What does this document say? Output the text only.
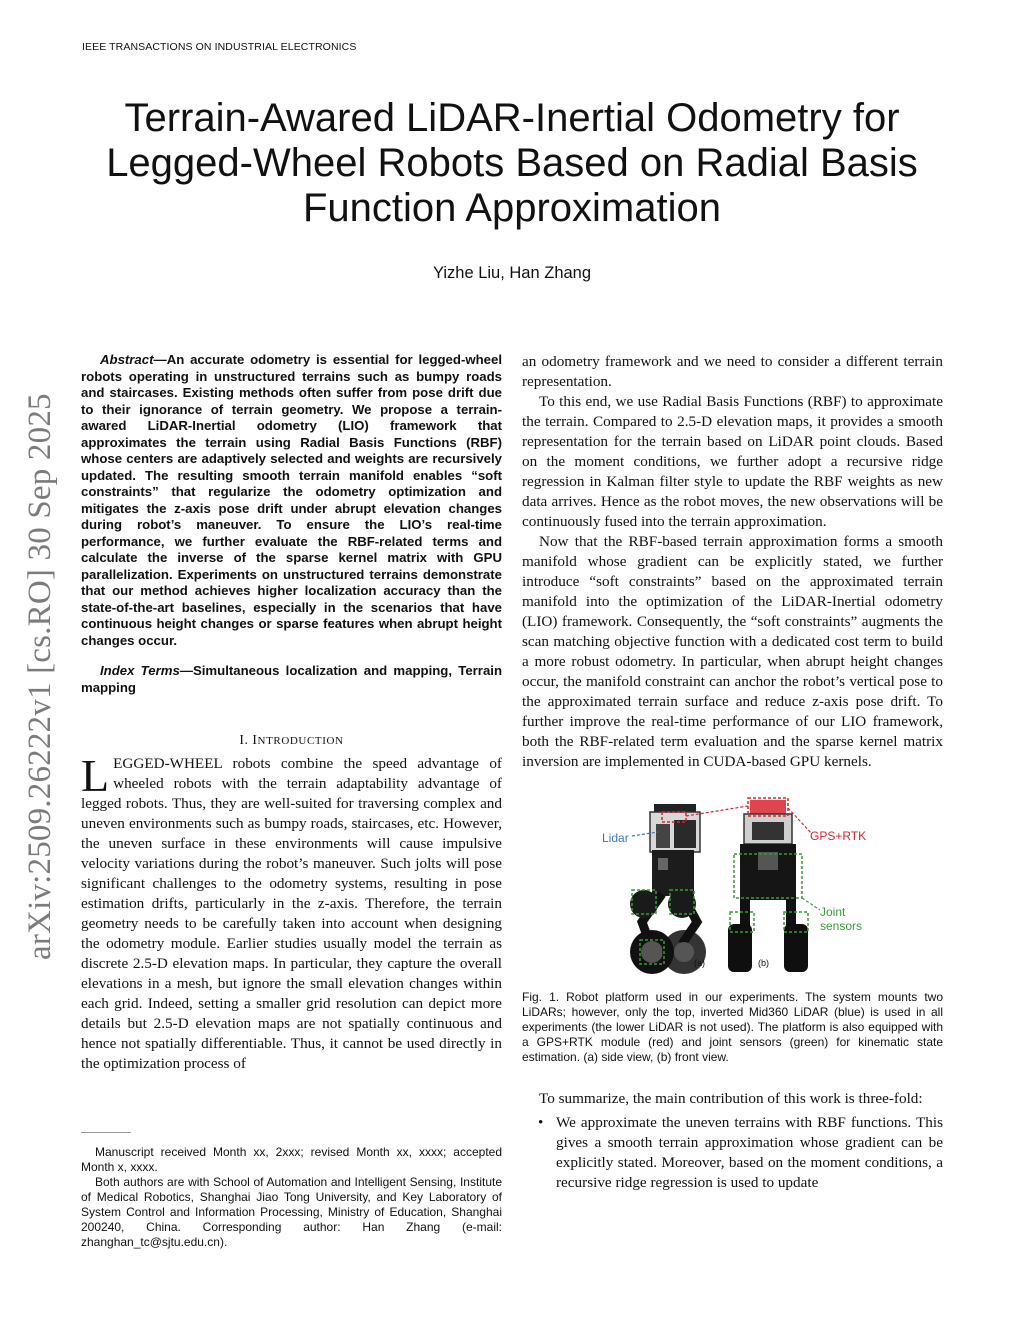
IEEE TRANSACTIONS ON INDUSTRIAL ELECTRONICS
Terrain-Awared LiDAR-Inertial Odometry for Legged-Wheel Robots Based on Radial Basis Function Approximation
Yizhe Liu, Han Zhang
arXiv:2509.26222v1 [cs.RO] 30 Sep 2025

Abstract—An accurate odometry is essential for legged-wheel robots operating in unstructured terrains such as bumpy roads and staircases. Existing methods often suffer from pose drift due to their ignorance of terrain geometry. We propose a terrain-awared LiDAR-Inertial odometry (LIO) framework that approximates the terrain using Radial Basis Functions (RBF) whose centers are adaptively selected and weights are recursively updated. The resulting smooth terrain manifold enables “soft constraints” that regularize the odometry optimization and mitigates the z-axis pose drift under abrupt elevation changes during robot’s maneuver. To ensure the LIO’s real-time performance, we further evaluate the RBF-related terms and calculate the inverse of the sparse kernel matrix with GPU parallelization. Experiments on unstructured terrains demonstrate that our method achieves higher localization accuracy than the state-of-the-art baselines, especially in the scenarios that have continuous height changes or sparse features when abrupt height changes occur.

Index Terms—Simultaneous localization and mapping, Terrain mapping

I. INTRODUCTION

LEGGED-WHEEL robots combine the speed advantage of wheeled robots with the terrain adaptability advantage of legged robots. Thus, they are well-suited for traversing complex and uneven environments such as bumpy roads, staircases, etc. However, the uneven surface in these environments will cause impulsive velocity variations during the robot’s maneuver. Such jolts will pose significant challenges to the odometry systems, resulting in pose estimation drifts, particularly in the z-axis. Therefore, the terrain geometry needs to be carefully taken into account when designing the odometry module. Earlier studies usually model the terrain as discrete 2.5-D elevation maps. In particular, they capture the overall elevations in a mesh, but ignore the small elevation changes within each grid. Indeed, setting a smaller grid resolution can depict more details but 2.5-D elevation maps are not spatially continuous and hence not spatially differentiable. Thus, it cannot be used directly in the optimization process of

Manuscript received Month xx, 2xxx; revised Month xx, xxxx; accepted Month x, xxxx.

Both authors are with School of Automation and Intelligent Sensing, Institute of Medical Robotics, Shanghai Jiao Tong University, and Key Laboratory of System Control and Information Processing, Ministry of Education, Shanghai 200240, China. Corresponding author: Han Zhang (e-mail: zhanghan_tc@sjtu.edu.cn).

an odometry framework and we need to consider a different terrain representation.

To this end, we use Radial Basis Functions (RBF) to approximate the terrain. Compared to 2.5-D elevation maps, it provides a smooth representation for the terrain based on LiDAR point clouds. Based on the moment conditions, we further adopt a recursive ridge regression in Kalman filter style to update the RBF weights as new data arrives. Hence as the robot moves, the new observations will be continuously fused into the terrain approximation.

Now that the RBF-based terrain approximation forms a smooth manifold whose gradient can be explicitly stated, we further introduce “soft constraints” based on the approximated terrain manifold into the optimization of the LiDAR-Inertial odometry (LIO) framework. Consequently, the “soft constraints” augments the scan matching objective function with a dedicated cost term to build a more robust odometry. In particular, when abrupt height changes occur, the manifold constraint can anchor the robot’s vertical pose to the approximated terrain surface and reduce z-axis pose drift. To further improve the real-time performance of our LIO framework, both the RBF-related term evaluation and the sparse kernel matrix inversion are implemented in CUDA-based GPU kernels.

Lidar	GPS+RTK
Joint
sensors
(a)	(b)

Fig. 1. Robot platform used in our experiments. The system mounts two LiDARs; however, only the top, inverted Mid360 LiDAR (blue) is used in all experiments (the lower LiDAR is not used). The platform is also equipped with a GPS+RTK module (red) and joint sensors (green) for kinematic state estimation. (a) side view, (b) front view.

To summarize, the main contribution of this work is three-fold:

• We approximate the uneven terrains with RBF functions. This gives a smooth terrain approximation whose gradient can be explicitly stated. Moreover, based on the moment conditions, a recursive ridge regression is used to update
